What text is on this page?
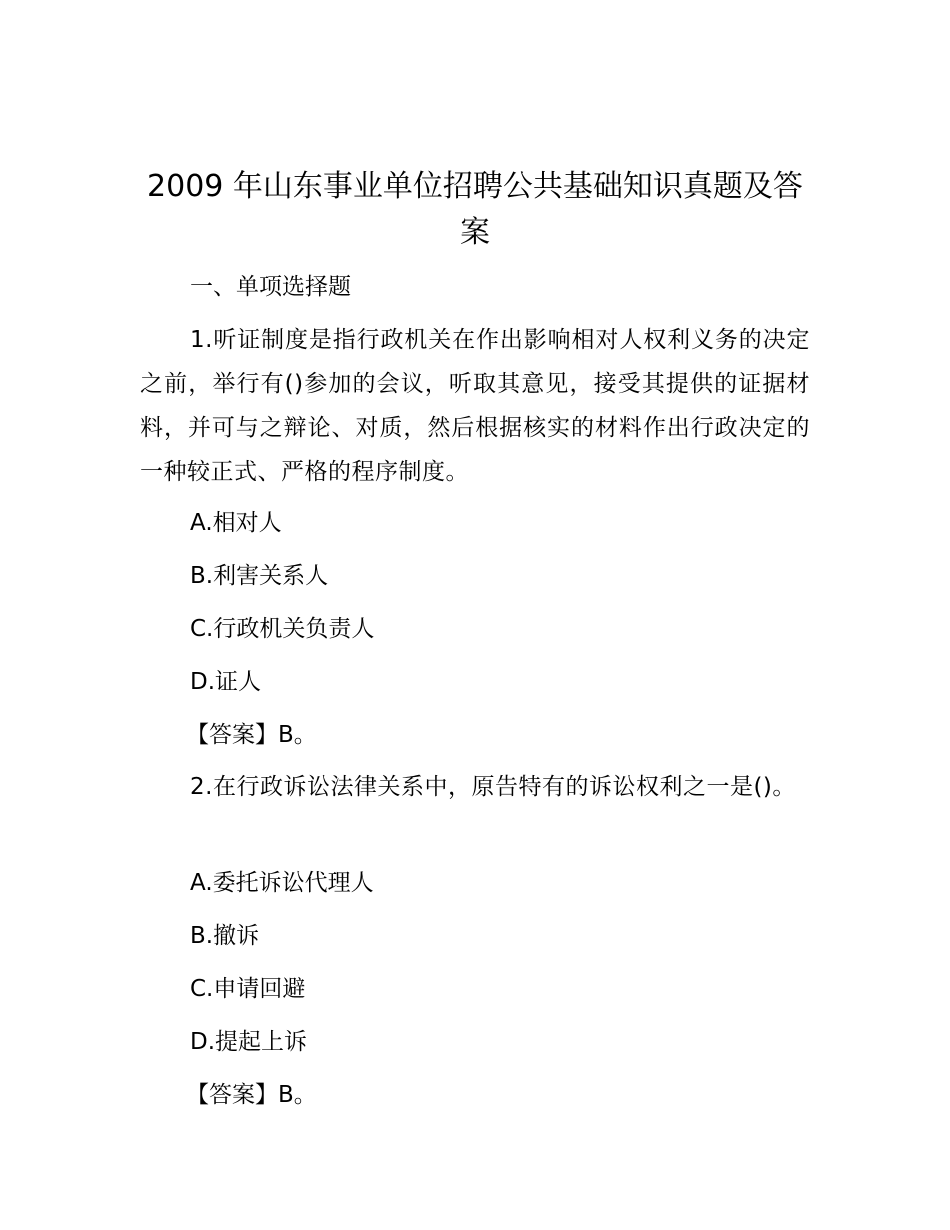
2009 年山东事业单位招聘公共基础知识真题及答案

一、单项选择题

1.听证制度是指行政机关在作出影响相对人权利义务的决定之前，举行有()参加的会议，听取其意见，接受其提供的证据材料，并可与之辩论、对质，然后根据核实的材料作出行政决定的一种较正式、严格的程序制度。

A.相对人

B.利害关系人

C.行政机关负责人

D.证人

【答案】B。

2.在行政诉讼法律关系中，原告特有的诉讼权利之一是()。

A.委托诉讼代理人

B.撤诉

C.申请回避

D.提起上诉

【答案】B。
